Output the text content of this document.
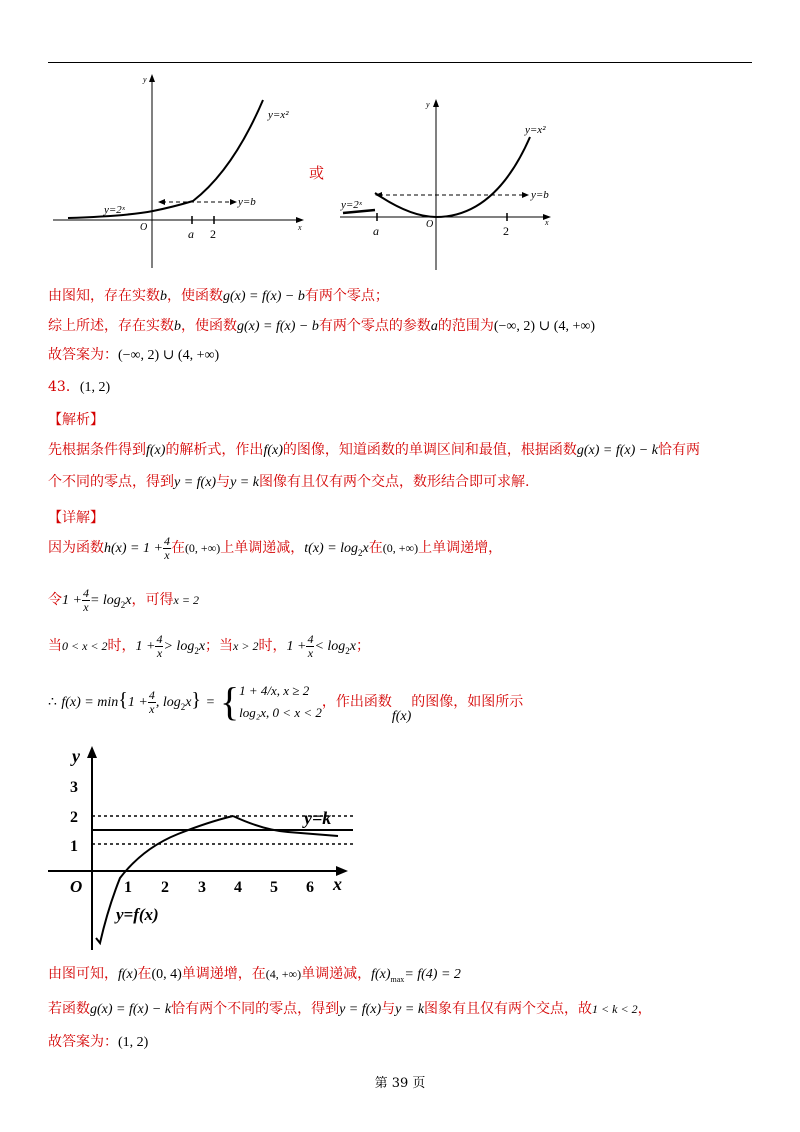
y
x
O
y=x²
y=2ˣ
y=b
a 2
或
y
x
O
y=x²
y=2ˣ
y=b
a	2
由图知，存在实数b，使函数g(x) = f(x) − b有两个零点；
综上所述，存在实数b，使函数g(x) = f(x) − b有两个零点的参数a的范围为(−∞, 2) ∪ (4, +∞)
故答案为：(−∞, 2) ∪ (4, +∞)
43．(1, 2)
【解析】
先根据条件得到f(x)的解析式，作出f(x)的图像，知道函数的单调区间和最值，根据函数g(x) = f(x) − k恰有两
个不同的零点，得到y = f(x)与y = k图像有且仅有两个交点，数形结合即可求解.
【详解】
因为函数$h(x) = 1 + \frac{4}{x}$ 在(0, +∞)上单调递减，$t(x) = \log_2x$在(0, +∞)上单调递增，
令$1 + \frac{4}{x} = \log_2x$，可得x = 2
当0 < x < 2时，$1 + \frac{4}{x} > \log_2x$；当x > 2时，$1 + \frac{4}{x} < \log_2x$；
∴ $f(x) = \min\{1 + \frac{4}{x}$ , $\log_2x$} = { 1 + 4/x, x ≥ 2
log₂x, 0 < x < 2
，作出函数f(x)的图像，如图所示
y
x
O	1 2 3 4 5 6
1
2
3
y=k
y=f(x)
由图可知，f(x)在(0, 4)单调递增，在(4, +∞)单调递减，$f(x)_{max}= f(4) = 2$
若函数g(x) = f(x) − k恰有两个不同的零点，得到y = f(x)与y = k图象有且仅有两个交点，故1 < k < 2，
故答案为：(1, 2)
第 39 页
